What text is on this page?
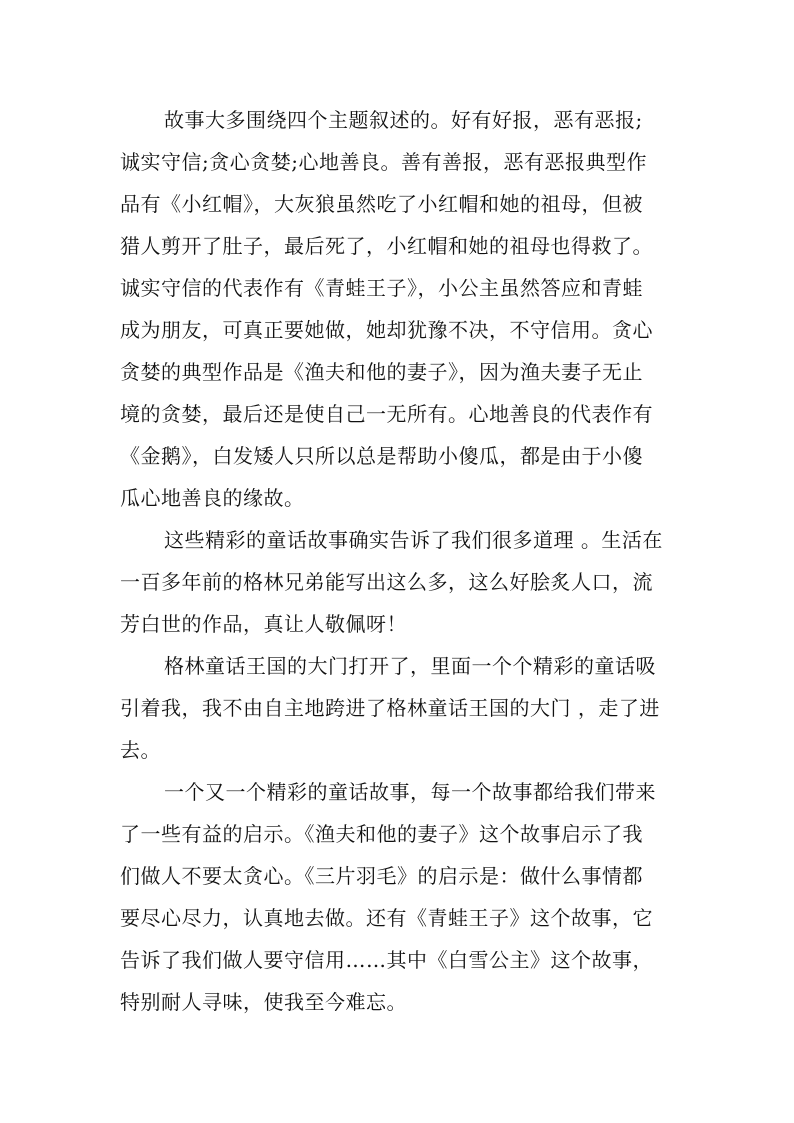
故事大多围绕四个主题叙述的。好有好报，恶有恶报;
诚实守信;贪心贪婪;心地善良。善有善报，恶有恶报典型作
品有《小红帽》，大灰狼虽然吃了小红帽和她的祖母，但被
猎人剪开了肚子，最后死了，小红帽和她的祖母也得救了。
诚实守信的代表作有《青蛙王子》，小公主虽然答应和青蛙
成为朋友，可真正要她做，她却犹豫不决，不守信用。贪心
贪婪的典型作品是《渔夫和他的妻子》，因为渔夫妻子无止
境的贪婪，最后还是使自己一无所有。心地善良的代表作有
《金鹅》，白发矮人只所以总是帮助小傻瓜，都是由于小傻
瓜心地善良的缘故。
这些精彩的童话故事确实告诉了我们很多道理 。生活在
一百多年前的格林兄弟能写出这么多，这么好脍炙人口，流
芳白世的作品，真让人敬佩呀！
格林童话王国的大门打开了，里面一个个精彩的童话吸
引着我，我不由自主地跨进了格林童话王国的大门 ，走了进
去。
一个又一个精彩的童话故事，每一个故事都给我们带来
了一些有益的启示。《渔夫和他的妻子》这个故事启示了我
们做人不要太贪心。《三片羽毛》的启示是：做什么事情都
要尽心尽力，认真地去做。还有《青蛙王子》这个故事，它
告诉了我们做人要守信用……其中《白雪公主》这个故事，
特别耐人寻味，使我至今难忘。
